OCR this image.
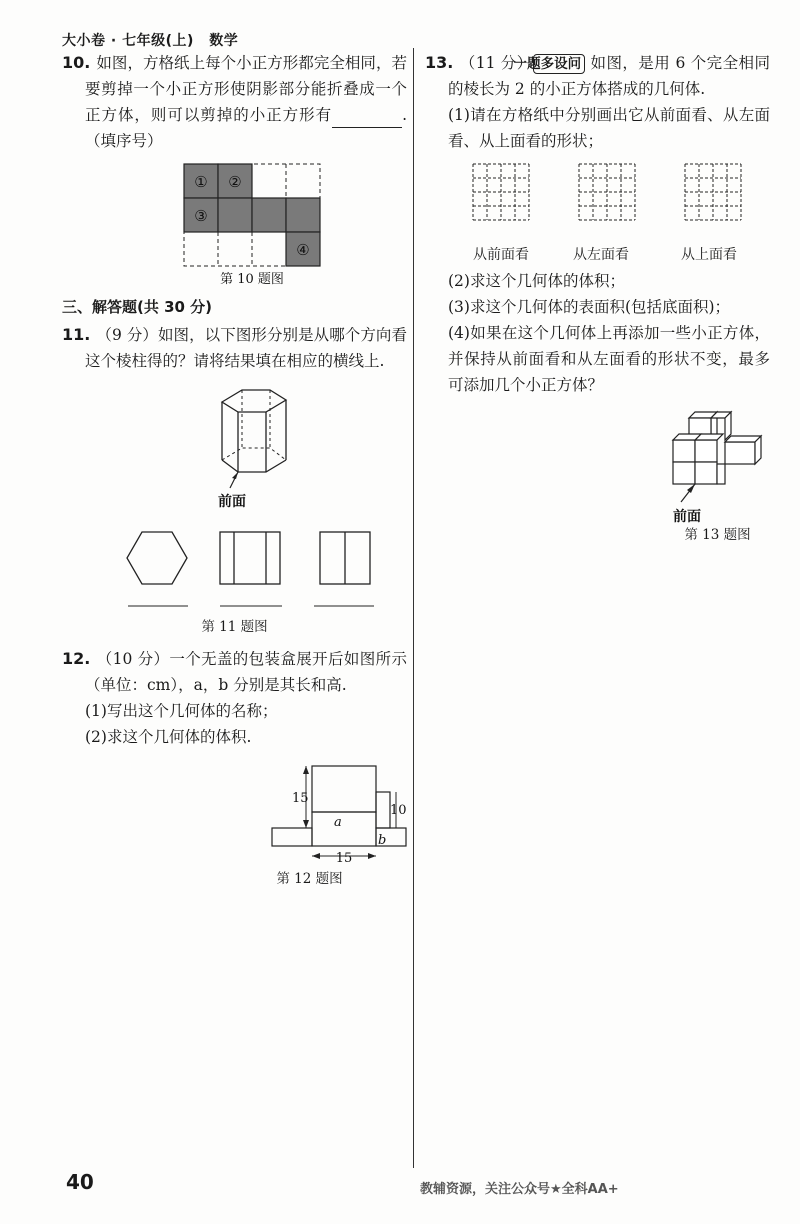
大小卷 · 七年级(上) 数学
10. 如图，方格纸上每个小正方形都完全相同，若要剪掉一个小正方形使阴影部分能折叠成一个正方体，则可以剪掉的小正方形有	.（填序号）
① ②
③
④
第 10 题图
三、解答题(共 30 分)
11. （9 分）如图，以下图形分别是从哪个方向看这个棱柱得的？请将结果填在相应的横线上.
前面
第 11 题图
12. （10 分）一个无盖的包装盒展开后如图所示（单位：cm），a，b 分别是其长和高.
(1)写出这个几何体的名称；
(2)求这个几何体的体积.
15
10
a
b
15
第 12 题图
13. （11 分）一题多设问 如图，是用 6 个完全相同的棱长为 2 的小正方体搭成的几何体.
(1)请在方格纸中分别画出它从前面看、从左面看、从上面看的形状；
从前面看	从左面看	从上面看
(2)求这个几何体的体积；
(3)求这个几何体的表面积(包括底面积)；
(4)如果在这个几何体上再添加一些小正方体，并保持从前面看和从左面看的形状不变，最多可添加几个小正方体？
前面
第 13 题图
40	教辅资源，关注公众号★全科AA+
